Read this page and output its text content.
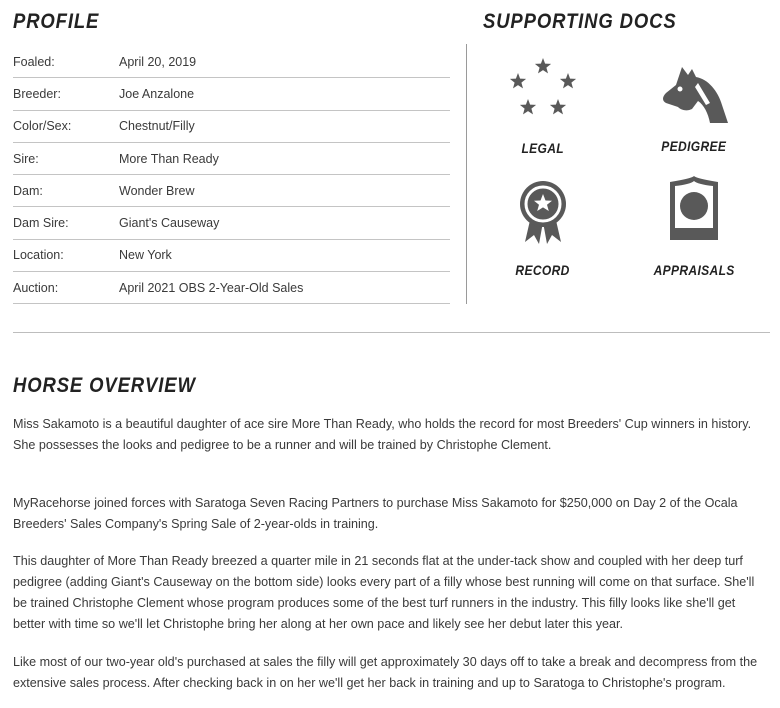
PROFILE
Foaled:	April 20, 2019
Breeder:	Joe Anzalone
Color/Sex:	Chestnut/Filly
Sire:	More Than Ready
Dam:	Wonder Brew
Dam Sire:	Giant's Causeway
Location:	New York
Auction:	April 2021 OBS 2-Year-Old Sales
SUPPORTING DOCS
LEGAL	PEDIGREE
RECORD	APPRAISALS
HORSE OVERVIEW

Miss Sakamoto is a beautiful daughter of ace sire More Than Ready, who holds the record for most Breeders' Cup winners in history. She possesses the looks and pedigree to be a runner and will be trained by Christophe Clement.

MyRacehorse joined forces with Saratoga Seven Racing Partners to purchase Miss Sakamoto for $250,000 on Day 2 of the Ocala Breeders' Sales Company's Spring Sale of 2-year-olds in training.

This daughter of More Than Ready breezed a quarter mile in 21 seconds flat at the under-tack show and coupled with her deep turf pedigree (adding Giant's Causeway on the bottom side) looks every part of a filly whose best running will come on that surface. She'll be trained Christophe Clement whose program produces some of the best turf runners in the industry. This filly looks like she'll get better with time so we'll let Christophe bring her along at her own pace and likely see her debut later this year.

Like most of our two-year old's purchased at sales the filly will get approximately 30 days off to take a break and decompress from the extensive sales process. After checking back in on her we'll get her back in training and up to Saratoga to Christophe's program.
